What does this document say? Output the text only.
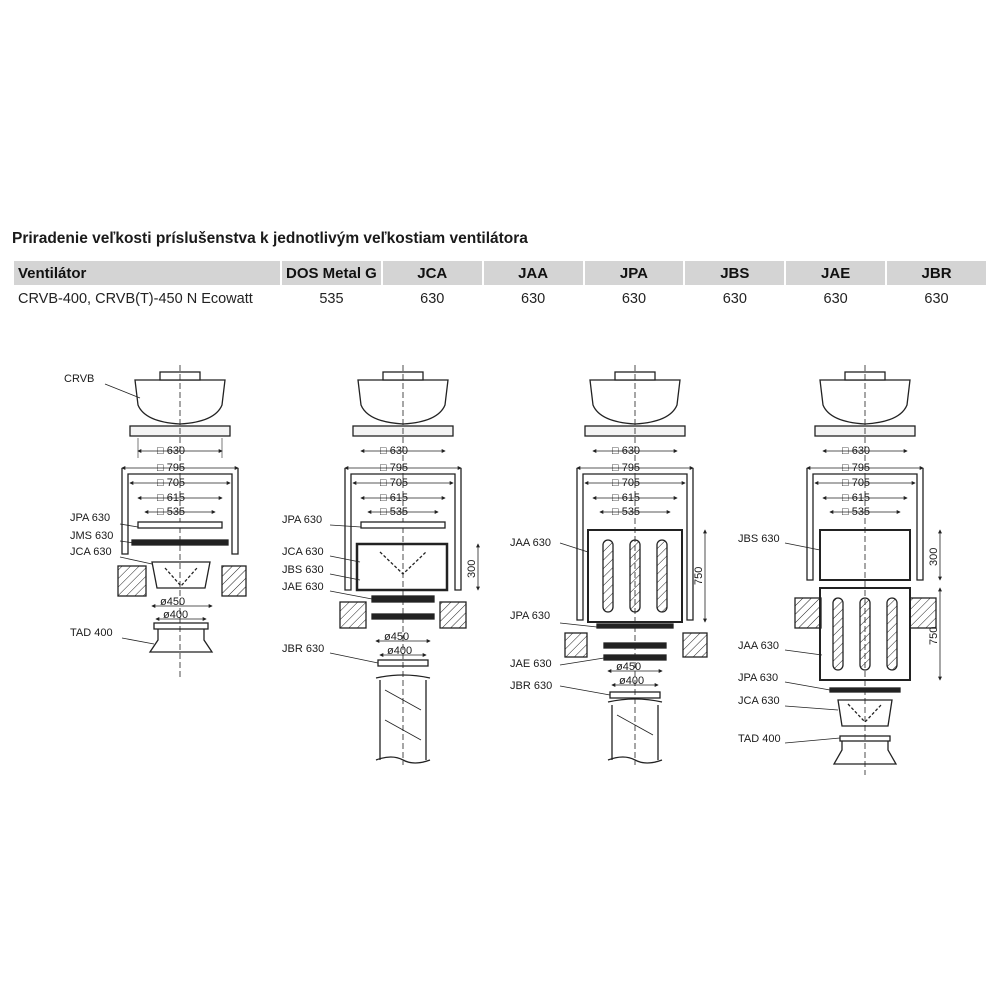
Priradenie veľkosti príslušenstva k jednotlivým veľkostiam ventilátora
Ventilátor	DOS Metal G	JCA	JAA	JPA	JBS	JAE	JBR
CRVB-400, CRVB(T)-450 N Ecowatt	535	630	630	630	630	630	630
□ 630
□ 795
□ 705
□ 615
□ 535
ø450
ø400
CRVB
JPA 630
JMS 630
JCA 630
TAD 400
□ 630
□ 795
□ 705
□ 615
□ 535
ø450
ø400
300
JPA 630
JCA 630
JBS 630
JAE 630
JBR 630
□ 630
□ 795
□ 705
□ 615
□ 535
ø450
ø400
750
JAA 630
JPA 630
JAE 630
JBR 630
□ 630
□ 795
□ 705
□ 615
□ 535
300
750
JBS 630
JAA 630
JPA 630
JCA 630
TAD 400
